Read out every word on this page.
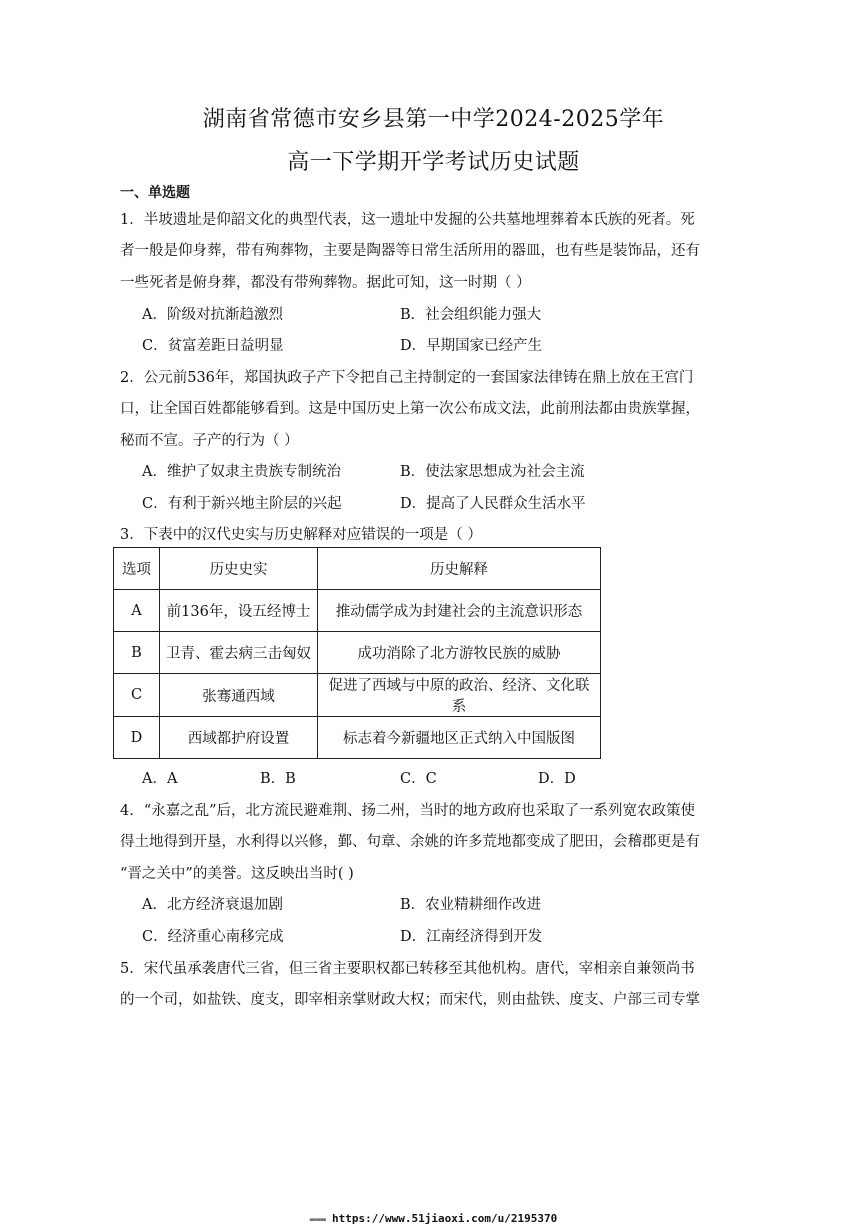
湖南省常德市安乡县第一中学2024-2025学年
高一下学期开学考试历史试题
一、单选题
1．半坡遗址是仰韶文化的典型代表，这一遗址中发掘的公共墓地埋葬着本氏族的死者。死
者一般是仰身葬，带有殉葬物，主要是陶器等日常生活所用的器皿，也有些是装饰品，还有
一些死者是俯身葬，都没有带殉葬物。据此可知，这一时期（ ）
A．阶级对抗渐趋激烈	B．社会组织能力强大
C．贫富差距日益明显	D．早期国家已经产生
2．公元前536年，郑国执政子产下令把自己主持制定的一套国家法律铸在鼎上放在王宫门
口，让全国百姓都能够看到。这是中国历史上第一次公布成文法，此前刑法都由贵族掌握，
秘而不宣。子产的行为（ ）
A．维护了奴隶主贵族专制统治	B．使法家思想成为社会主流
C．有利于新兴地主阶层的兴起	D．提高了人民群众生活水平
3．下表中的汉代史实与历史解释对应错误的一项是（ ）
选项	历史史实	历史解释
A	前136年，设五经博士	推动儒学成为封建社会的主流意识形态
B	卫青、霍去病三击匈奴	成功消除了北方游牧民族的威胁
C	张骞通西域	促进了西域与中原的政治、经济、文化联系
D	西域都护府设置	标志着今新疆地区正式纳入中国版图
A．A	B．B	C．C	D．D
4．“永嘉之乱”后，北方流民避难荆、扬二州，当时的地方政府也采取了一系列宽农政策使
得土地得到开垦，水利得以兴修，鄞、句章、余姚的许多荒地都变成了肥田，会稽郡更是有
“晋之关中”的美誉。这反映出当时( )
A．北方经济衰退加剧	B．农业精耕细作改进
C．经济重心南移完成	D．江南经济得到开发
5．宋代虽承袭唐代三省，但三省主要职权都已转移至其他机构。唐代，宰相亲自兼领尚书
的一个司，如盐铁、度支，即宰相亲掌财政大权；而宋代，则由盐铁、度支、户部三司专掌
▬▬▬ https://www.51jiaoxi.com/u/2195370
